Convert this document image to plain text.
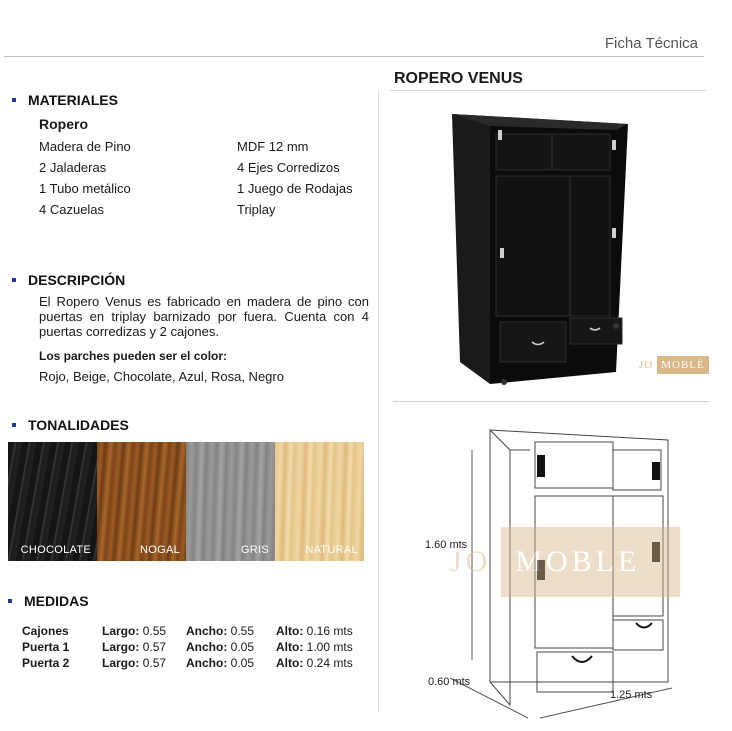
Ficha Técnica
MATERIALES
Ropero
Madera de Pino	MDF 12 mm
2 Jaladeras	4 Ejes Corredizos
1 Tubo metálico	1 Juego de Rodajas
4 Cazuelas	Triplay
DESCRIPCIÓN
El Ropero Venus es fabricado en madera de pino con puertas en triplay barnizado por fuera. Cuenta con 4 puertas corredizas y 2 cajones.
Los parches pueden ser el color:
Rojo, Beige, Chocolate, Azul, Rosa, Negro
TONALIDADES
CHOCOLATE	NOGAL	GRIS	NATURAL
MEDIDAS
Cajones	Largo: 0.55	Ancho: 0.55	Alto: 0.16 mts
Puerta 1	Largo: 0.57	Ancho: 0.05	Alto: 1.00 mts
Puerta 2	Largo: 0.57	Ancho: 0.05	Alto: 0.24 mts
ROPERO VENUS
JO MOBLÉ
1.60 mts
0.60 mts
1.25 mts
JO MOBLE
